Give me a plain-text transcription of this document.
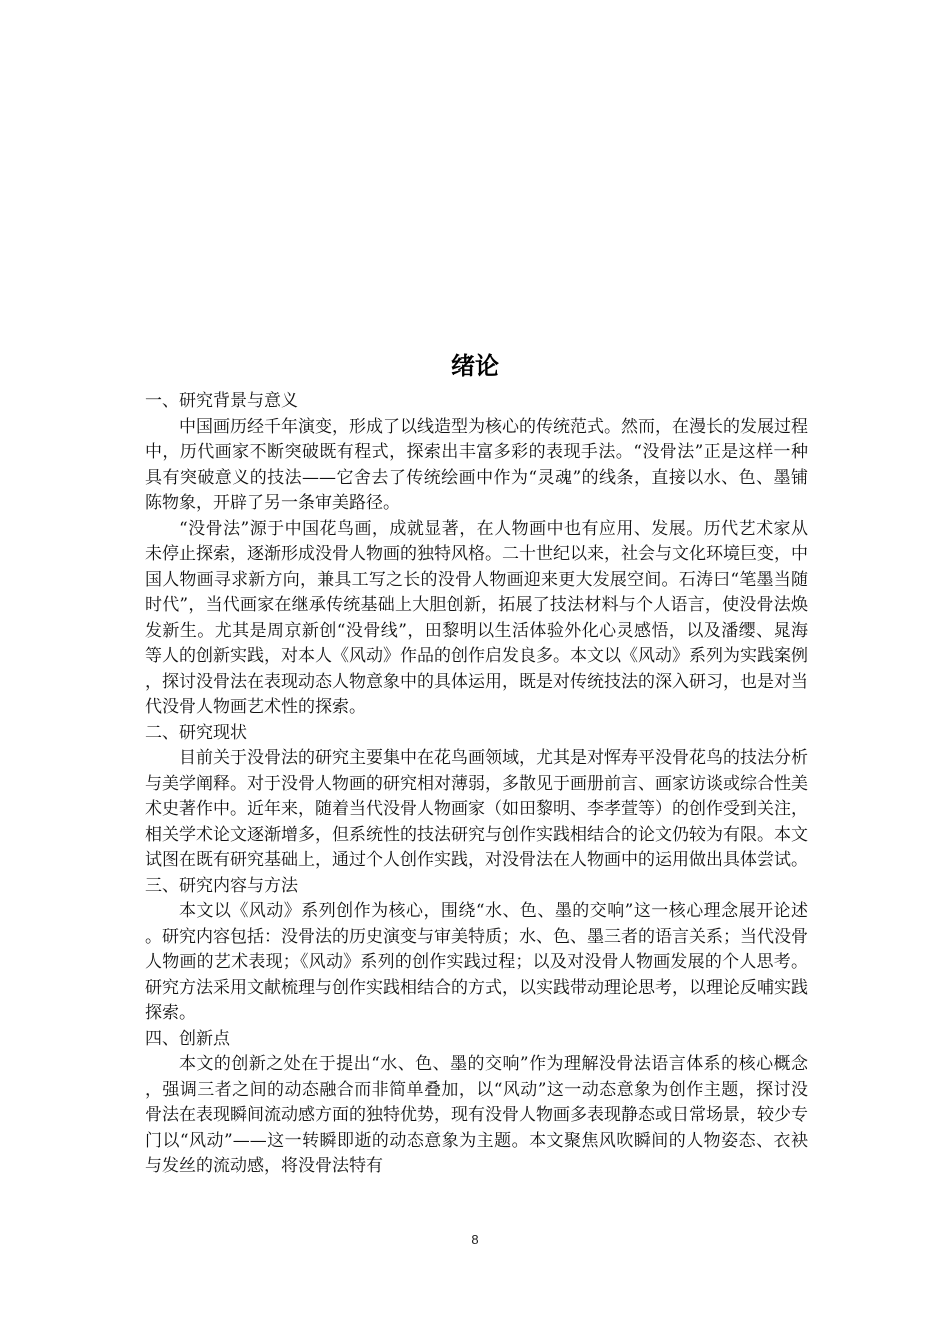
绪论
一、研究背景与意义

中国画历经千年演变，形成了以线造型为核心的传统范式。然而，在漫长的发展过程中，历代画家不断突破既有程式，探索出丰富多彩的表现手法。“没骨法”正是这样一种具有突破意义的技法——它舍去了传统绘画中作为“灵魂”的线条，直接以水、色、墨铺陈物象，开辟了另一条审美路径。

“没骨法”源于中国花鸟画，成就显著，在人物画中也有应用、发展。历代艺术家从未停止探索，逐渐形成没骨人物画的独特风格。二十世纪以来，社会与文化环境巨变，中国人物画寻求新方向，兼具工写之长的没骨人物画迎来更大发展空间。石涛曰“笔墨当随时代”，当代画家在继承传统基础上大胆创新，拓展了技法材料与个人语言，使没骨法焕发新生。尤其是周京新创“没骨线”，田黎明以生活体验外化心灵感悟，以及潘缨、晁海等人的创新实践，对本人《风动》作品的创作启发良多。本文以《风动》系列为实践案例，探讨没骨法在表现动态人物意象中的具体运用，既是对传统技法的深入研习，也是对当代没骨人物画艺术性的探索。

二、研究现状

目前关于没骨法的研究主要集中在花鸟画领域，尤其是对恽寿平没骨花鸟的技法分析与美学阐释。对于没骨人物画的研究相对薄弱，多散见于画册前言、画家访谈或综合性美术史著作中。近年来，随着当代没骨人物画家（如田黎明、李孝萱等）的创作受到关注，相关学术论文逐渐增多，但系统性的技法研究与创作实践相结合的论文仍较为有限。本文试图在既有研究基础上，通过个人创作实践，对没骨法在人物画中的运用做出具体尝试。

三、研究内容与方法

本文以《风动》系列创作为核心，围绕“水、色、墨的交响”这一核心理念展开论述。研究内容包括：没骨法的历史演变与审美特质；水、色、墨三者的语言关系；当代没骨人物画的艺术表现；《风动》系列的创作实践过程；以及对没骨人物画发展的个人思考。研究方法采用文献梳理与创作实践相结合的方式，以实践带动理论思考，以理论反哺实践探索。

四、创新点

本文的创新之处在于提出“水、色、墨的交响”作为理解没骨法语言体系的核心概念，强调三者之间的动态融合而非简单叠加，以“风动”这一动态意象为创作主题，探讨没骨法在表现瞬间流动感方面的独特优势，现有没骨人物画多表现静态或日常场景，较少专门以“风动”——这一转瞬即逝的动态意象为主题。本文聚焦风吹瞬间的人物姿态、衣袂与发丝的流动感，将没骨法特有

8
